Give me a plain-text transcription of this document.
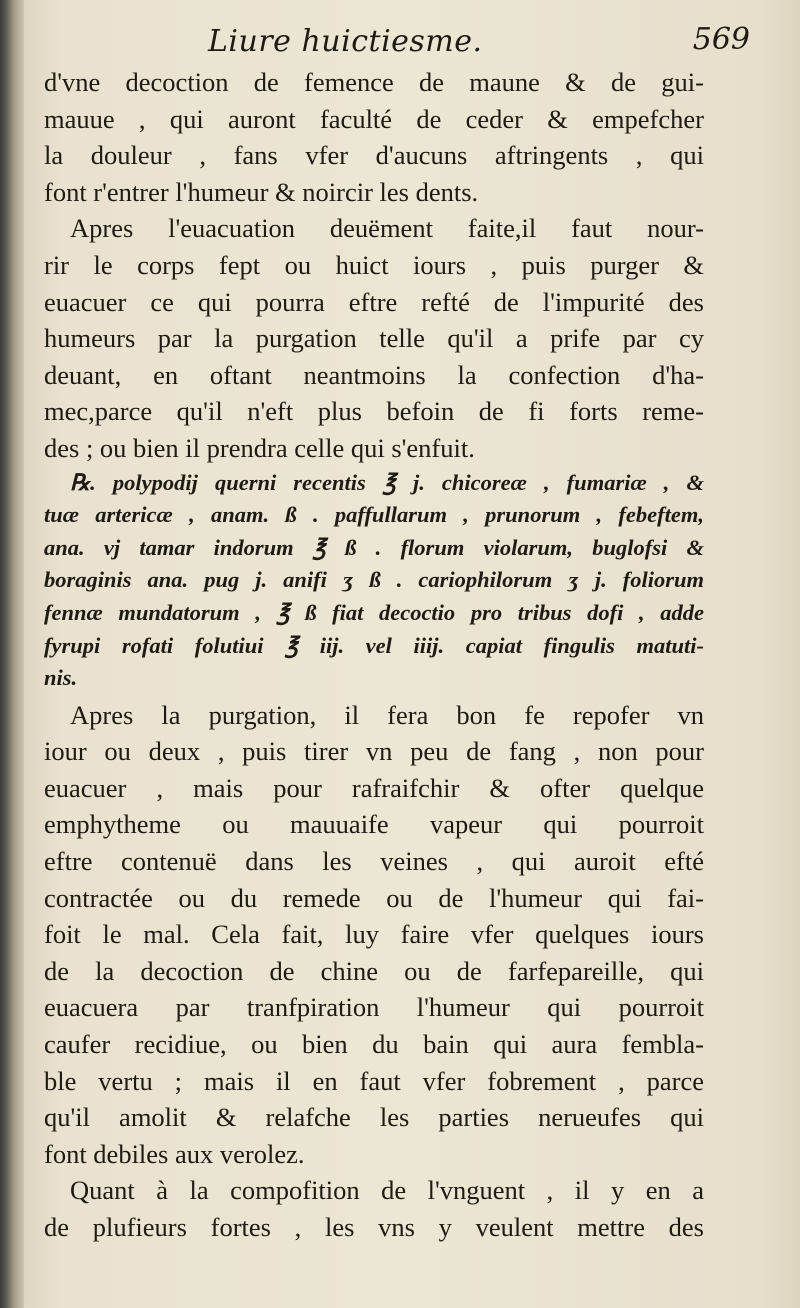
Liure huictiesme.	569
d'vne decoction de femence de maune & de gui-
mauue , qui auront faculté de ceder & empefcher
la douleur , fans vfer d'aucuns aftringents , qui
font r'entrer l'humeur & noircir les dents.
Apres l'euacuation deuëment faite,il faut nour-
rir le corps fept ou huict iours , puis purger &
euacuer ce qui pourra eftre refté de l'impurité des
humeurs par la purgation telle qu'il a prife par cy
deuant, en oftant neantmoins la confection d'ha-
mec,parce qu'il n'eft plus befoin de fi forts reme-
des ; ou bien il prendra celle qui s'enfuit.
℞. polypodij querni recentis ℥ j. chicoreæ , fumariæ , &
tuæ artericæ , anam. ß . paffullarum , prunorum , febeftem,
ana. vj tamar indorum ℥ ß . florum violarum, buglofsi &
boraginis ana. pug j. anifi ʒ ß . cariophilorum ʒ j. foliorum
fennæ mundatorum , ℥ ß fiat decoctio pro tribus dofi , adde
fyrupi rofati folutiui ℥ iij. vel iiij. capiat fingulis matuti-
nis.
Apres la purgation, il fera bon fe repofer vn
iour ou deux , puis tirer vn peu de fang , non pour
euacuer , mais pour rafraifchir & ofter quelque
emphytheme ou mauuaife vapeur qui pourroit
eftre contenuë dans les veines , qui auroit efté
contractée ou du remede ou de l'humeur qui fai-
foit le mal. Cela fait, luy faire vfer quelques iours
de la decoction de chine ou de farfepareille, qui
euacuera par tranfpiration l'humeur qui pourroit
caufer recidiue, ou bien du bain qui aura fembla-
ble vertu ; mais il en faut vfer fobrement , parce
qu'il amolit & relafche les parties nerueufes qui
font debiles aux verolez.
Quant à la compofition de l'vnguent , il y en a
de plufieurs fortes , les vns y veulent mettre des
